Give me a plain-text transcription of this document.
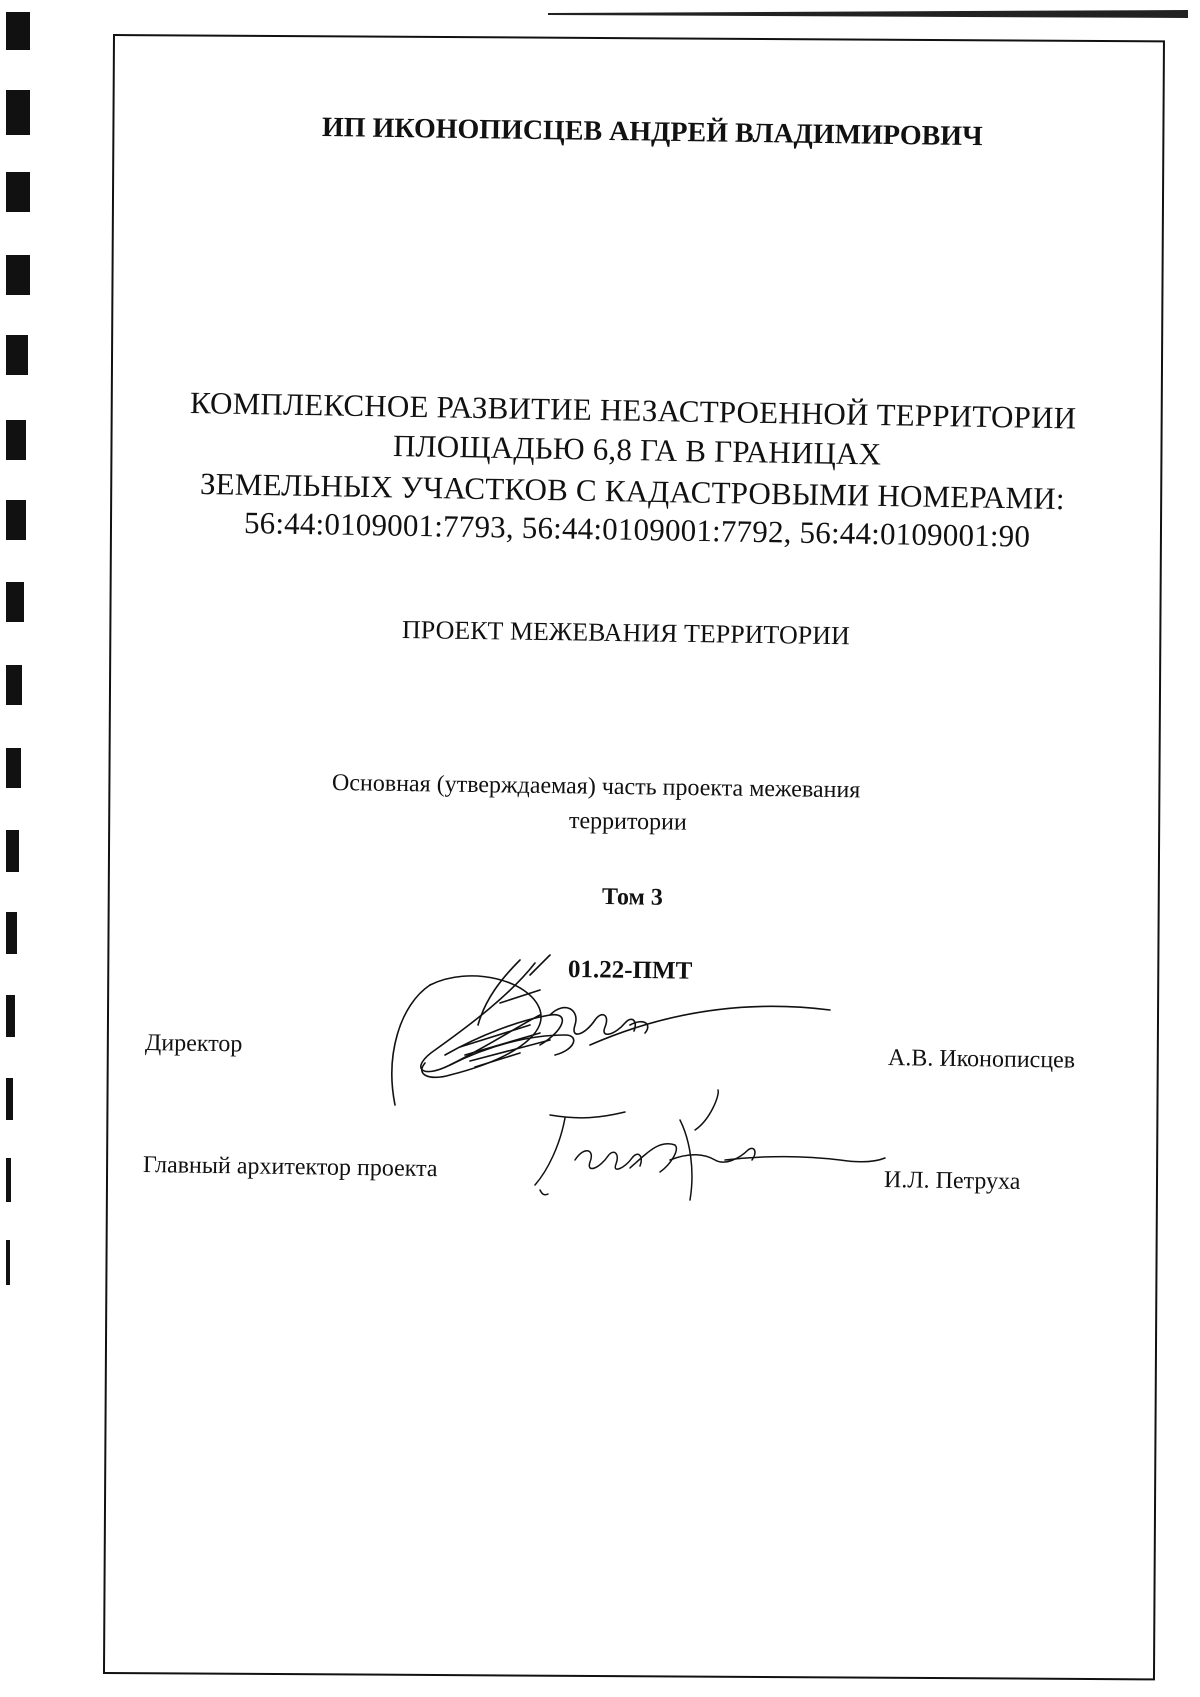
ИП ИКОНОПИСЦЕВ АНДРЕЙ ВЛАДИМИРОВИЧ
КОМПЛЕКСНОЕ РАЗВИТИЕ НЕЗАСТРОЕННОЙ ТЕРРИТОРИИ
ПЛОЩАДЬЮ 6,8 ГА В ГРАНИЦАХ
ЗЕМЕЛЬНЫХ УЧАСТКОВ С КАДАСТРОВЫМИ НОМЕРАМИ:
56:44:0109001:7793, 56:44:0109001:7792, 56:44:0109001:90
ПРОЕКТ МЕЖЕВАНИЯ ТЕРРИТОРИИ
Основная (утверждаемая) часть проекта межевания
территории
Том 3
01.22-ПМТ
Директор
А.В. Иконописцев
Главный архитектор проекта	И.Л. Петруха
